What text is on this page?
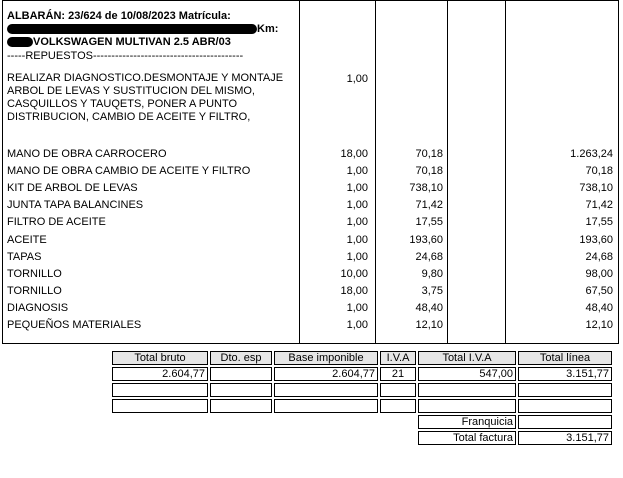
ALBARÁN: 23/624 de 10/08/2023 Matrícula:
Km:
VOLKSWAGEN MULTIVAN 2.5 ABR/03
-----REPUESTOS-----------------------------------------
REALIZAR DIAGNOSTICO.DESMONTAJE Y MONTAJE ARBOL DE LEVAS Y SUSTITUCION DEL MISMO, CASQUILLOS Y TAUQETS, PONER A PUNTO DISTRIBUCION, CAMBIO DE ACEITE Y FILTRO,
1,00
MANO DE OBRA CARROCERO	18,00	70,18	1.263,24
MANO DE OBRA CAMBIO DE ACEITE Y FILTRO	1,00	70,18	70,18
KIT DE ARBOL DE LEVAS	1,00	738,10	738,10
JUNTA TAPA BALANCINES	1,00	71,42	71,42
FILTRO DE ACEITE	1,00	17,55	17,55
ACEITE	1,00	193,60	193,60
TAPAS	1,00	24,68	24,68
TORNILLO	10,00	9,80	98,00
TORNILLO	18,00	3,75	67,50
DIAGNOSIS	1,00	48,40	48,40
PEQUEÑOS MATERIALES	1,00	12,10	12,10
Total bruto	Dto. esp	Base imponible	I.V.A	Total I.V.A	Total línea
2.604,77		2.604,77	21	547,00	3.151,77

				Franquicia	
				Total factura	3.151,77
